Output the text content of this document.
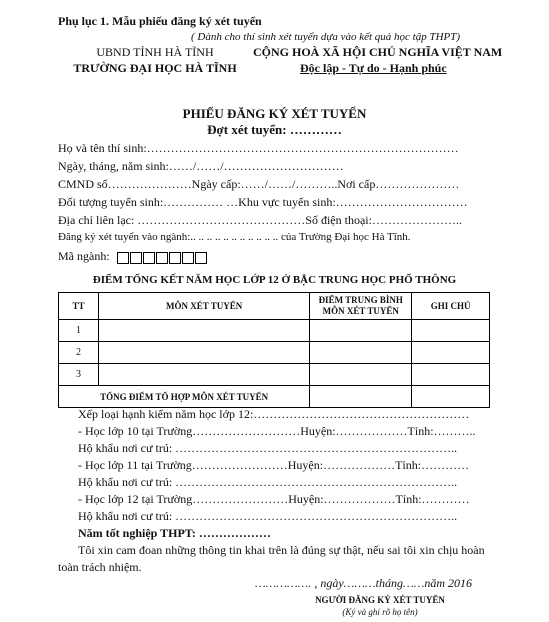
Phụ lục 1. Mẫu phiếu đăng ký xét tuyển
( Dành cho thí sinh xét tuyển dựa vào kết quả học tập THPT)
UBND TỈNH HÀ TĨNH
TRƯỜNG ĐẠI HỌC HÀ TĨNH
CỘNG HOÀ XÃ HỘI CHỦ NGHĨA VIỆT NAM
Độc lập - Tự do - Hạnh phúc
PHIẾU ĐĂNG KÝ XÉT TUYỂN
Đợt xét tuyển: …………
Họ và tên thí sinh:……………………………………………………………………
Ngày, tháng, năm sinh:……/……/…………………………
CMND số…………………Ngày cấp:……/……/………..Nơi cấp…………………
Đối tượng tuyển sinh:…………… …Khu vực tuyển sinh:……………………………
Địa chỉ liên lạc: ……………………………………Số điện thoại:…………………..
Đăng ký xét tuyển vào ngành:.. .. .. .. .. .. .. .. .. .. .. của Trường Đại học Hà Tĩnh.
Mã ngành:
ĐIỂM TỔNG KẾT NĂM HỌC LỚP 12 Ở BẬC TRUNG HỌC PHỔ THÔNG
TT	MÔN XÉT TUYỂN	ĐIỂM TRUNG BÌNH MÔN XÉT TUYỂN	GHI CHÚ
1			
2			
3			
TỔNG ĐIỂM TỔ HỢP MÔN XÉT TUYỂN			
Xếp loại hạnh kiểm năm học lớp 12:………………………………………………
- Học lớp 10 tại Trường………………………Huyện:………………Tỉnh:………..
Hộ khẩu nơi cư trú: ……………………………………………………………..
- Học lớp 11 tại Trường……………………Huyện:………………Tỉnh:…………
Hộ khẩu nơi cư trú: ……………………………………………………………..
- Học lớp 12 tại Trường……………………Huyện:………………Tỉnh:…………
Hộ khẩu nơi cư trú: ……………………………………………………………..
Năm tốt nghiệp THPT: ………………
Tôi xin cam đoan những thông tin khai trên là đúng sự thật, nếu sai tôi xin chịu hoàn
toàn trách nhiệm.
……………. , ngày………tháng……năm 2016
NGƯỜI ĐĂNG KÝ XÉT TUYỂN
(Ký và ghi rõ họ tên)
